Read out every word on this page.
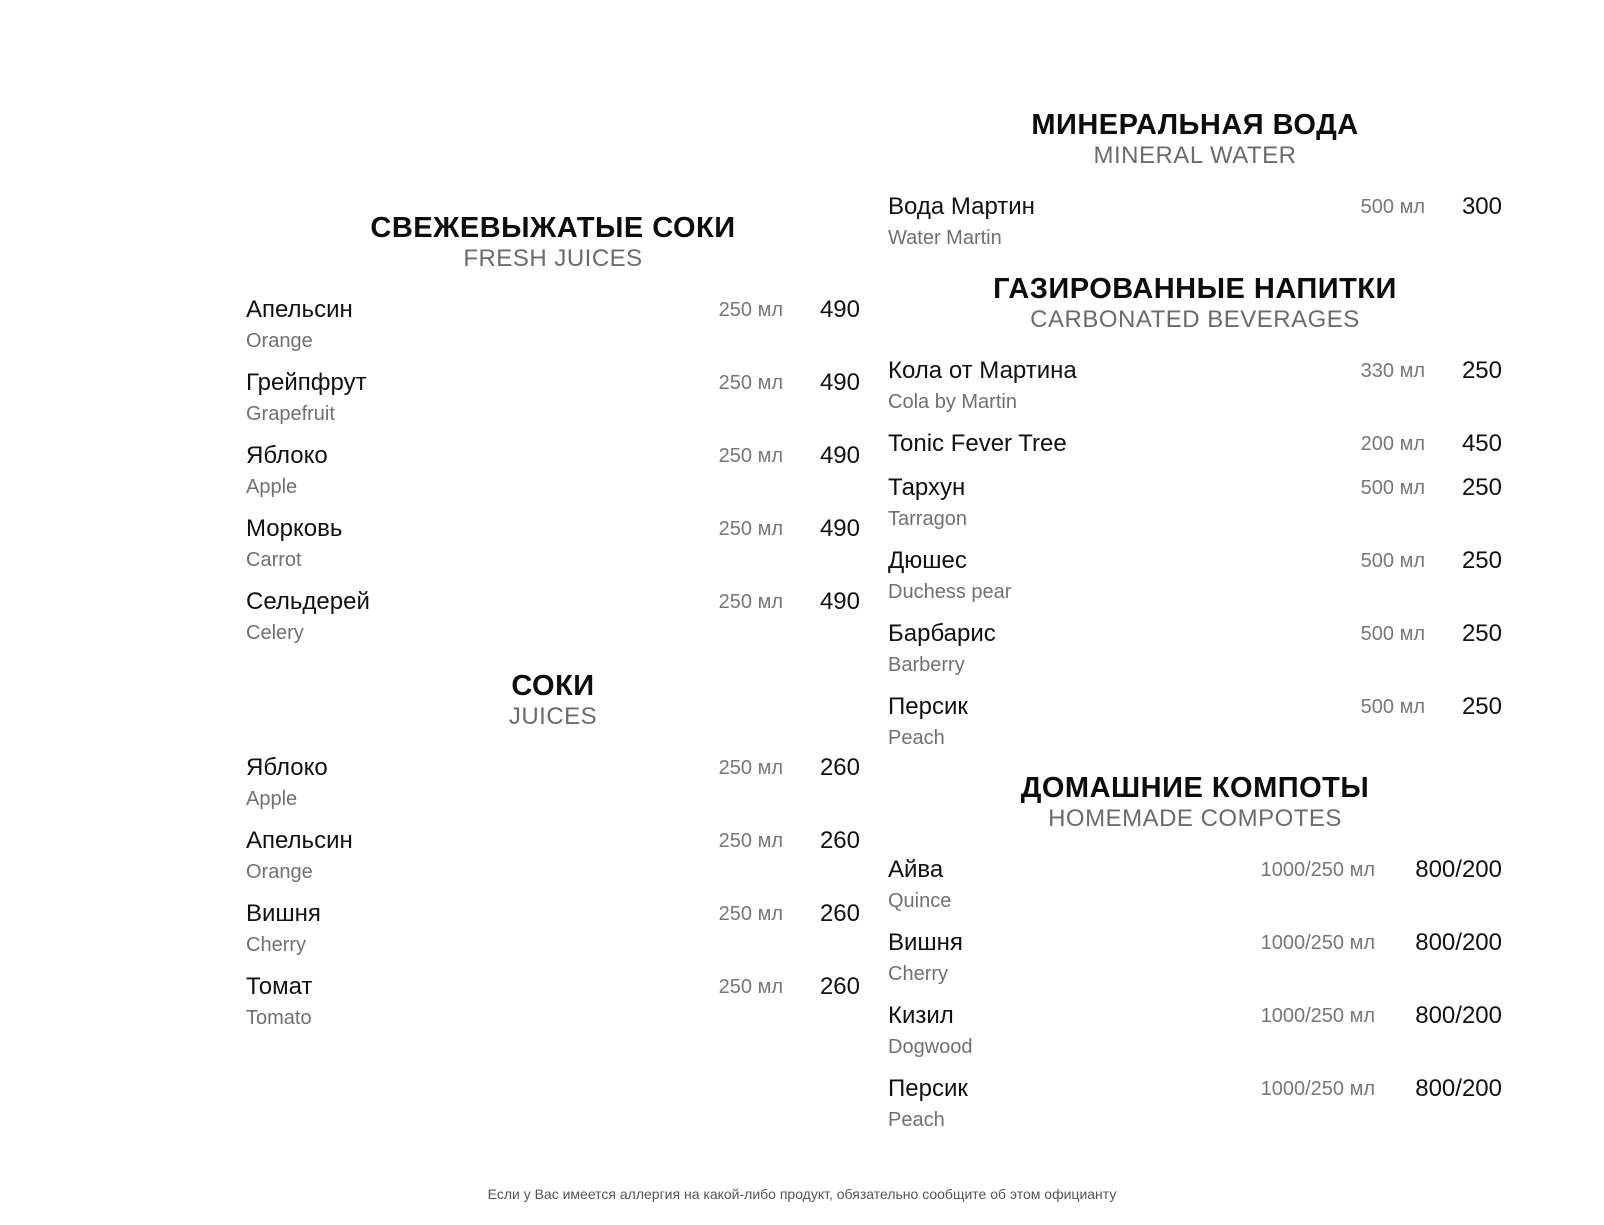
СВЕЖЕВЫЖАТЫЕ СОКИ
FRESH JUICES
Апельсин
Orange
250 мл 490
Грейпфрут
Grapefruit
250 мл 490
Яблоко
Apple
250 мл 490
Морковь
Carrot
250 мл 490
Сельдерей
Celery
250 мл 490
СОКИ
JUICES
Яблоко
Apple
250 мл 260
Апельсин
Orange
250 мл 260
Вишня
Cherry
250 мл 260
Томат
Tomato
250 мл 260
МИНЕРАЛЬНАЯ ВОДА
MINERAL WATER
Вода Мартин
Water Martin
500 мл 300
ГАЗИРОВАННЫЕ НАПИТКИ
CARBONATED BEVERAGES
Кола от Мартина
Cola by Martin
330 мл 250
Tonic Fever Tree	200 мл 450
Тархун
Tarragon
500 мл 250
Дюшес
Duchess pear
500 мл 250
Барбарис
Barberry
500 мл 250
Персик
Peach
500 мл 250
ДОМАШНИЕ КОМПОТЫ
HOMEMADE COMPOTES
Айва
Quince
1000/250 мл 800/200
Вишня
Cherry
1000/250 мл 800/200
Кизил
Dogwood
1000/250 мл 800/200
Персик
Peach
1000/250 мл 800/200
Если у Вас имеется аллергия на какой-либо продукт, обязательно сообщите об этом официанту
